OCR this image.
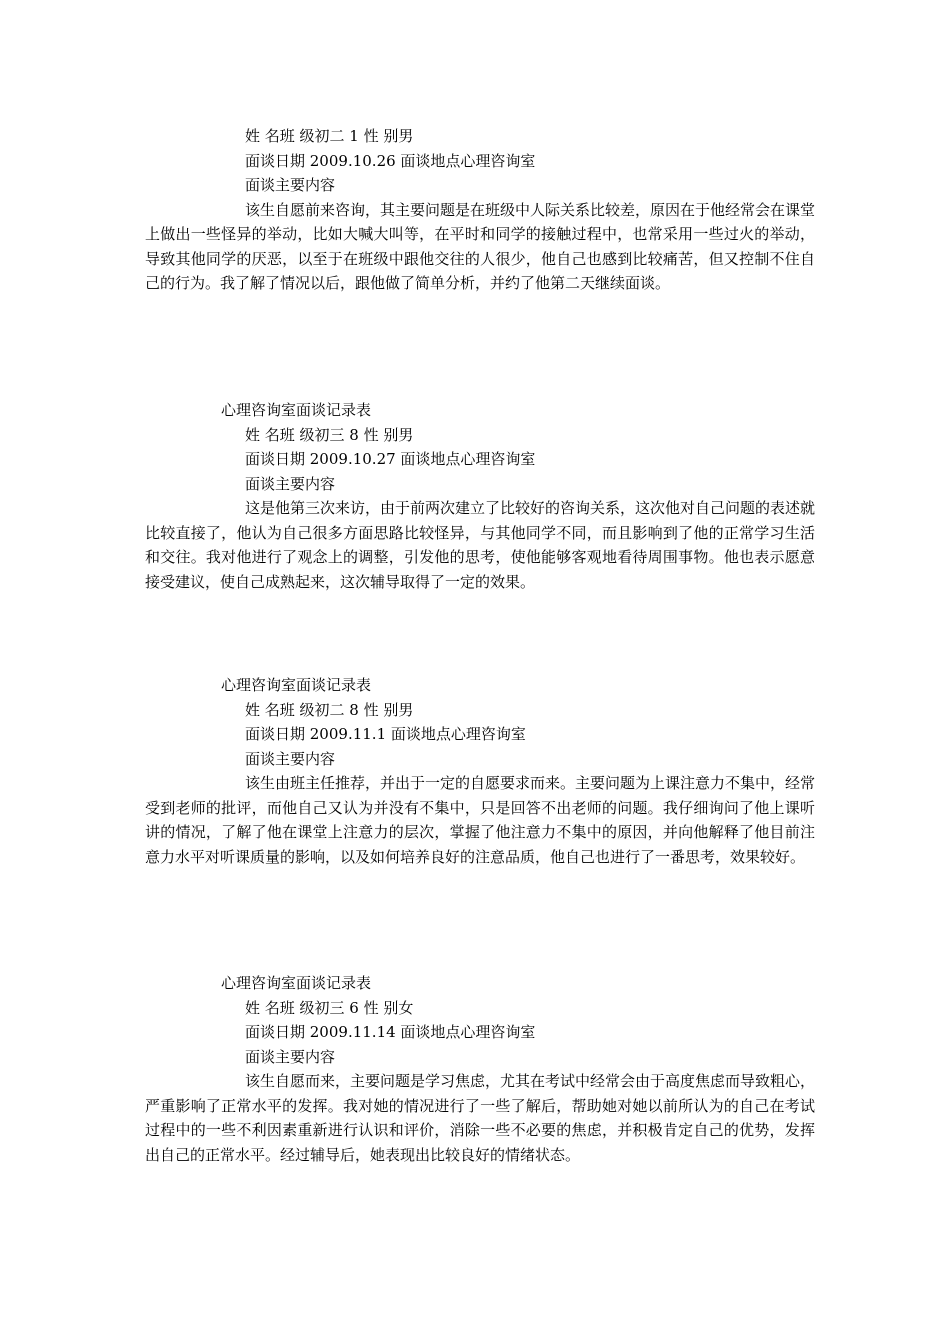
姓 名班 级初二 1 性 别男
面谈日期 2009.10.26 面谈地点心理咨询室
面谈主要内容

该生自愿前来咨询，其主要问题是在班级中人际关系比较差，原因在于他经常会在课堂上做出一些怪异的举动，比如大喊大叫等，在平时和同学的接触过程中，也常采用一些过火的举动，导致其他同学的厌恶，以至于在班级中跟他交往的人很少，他自己也感到比较痛苦，但又控制不住自己的行为。我了解了情况以后，跟他做了简单分析，并约了他第二天继续面谈。

心理咨询室面谈记录表
姓 名班 级初三 8 性 别男
面谈日期 2009.10.27 面谈地点心理咨询室
面谈主要内容

这是他第三次来访，由于前两次建立了比较好的咨询关系，这次他对自己问题的表述就比较直接了，他认为自己很多方面思路比较怪异，与其他同学不同，而且影响到了他的正常学习生活和交往。我对他进行了观念上的调整，引发他的思考，使他能够客观地看待周围事物。他也表示愿意接受建议，使自己成熟起来，这次辅导取得了一定的效果。

心理咨询室面谈记录表
姓 名班 级初二 8 性 别男
面谈日期 2009.11.1 面谈地点心理咨询室
面谈主要内容

该生由班主任推荐，并出于一定的自愿要求而来。主要问题为上课注意力不集中，经常受到老师的批评，而他自己又认为并没有不集中，只是回答不出老师的问题。我仔细询问了他上课听讲的情况，了解了他在课堂上注意力的层次，掌握了他注意力不集中的原因，并向他解释了他目前注意力水平对听课质量的影响，以及如何培养良好的注意品质，他自己也进行了一番思考，效果较好。

心理咨询室面谈记录表
姓 名班 级初三 6 性 别女
面谈日期 2009.11.14 面谈地点心理咨询室
面谈主要内容

该生自愿而来，主要问题是学习焦虑，尤其在考试中经常会由于高度焦虑而导致粗心，严重影响了正常水平的发挥。我对她的情况进行了一些了解后，帮助她对她以前所认为的自己在考试过程中的一些不利因素重新进行认识和评价，消除一些不必要的焦虑，并积极肯定自己的优势，发挥出自己的正常水平。经过辅导后，她表现出比较良好的情绪状态。
